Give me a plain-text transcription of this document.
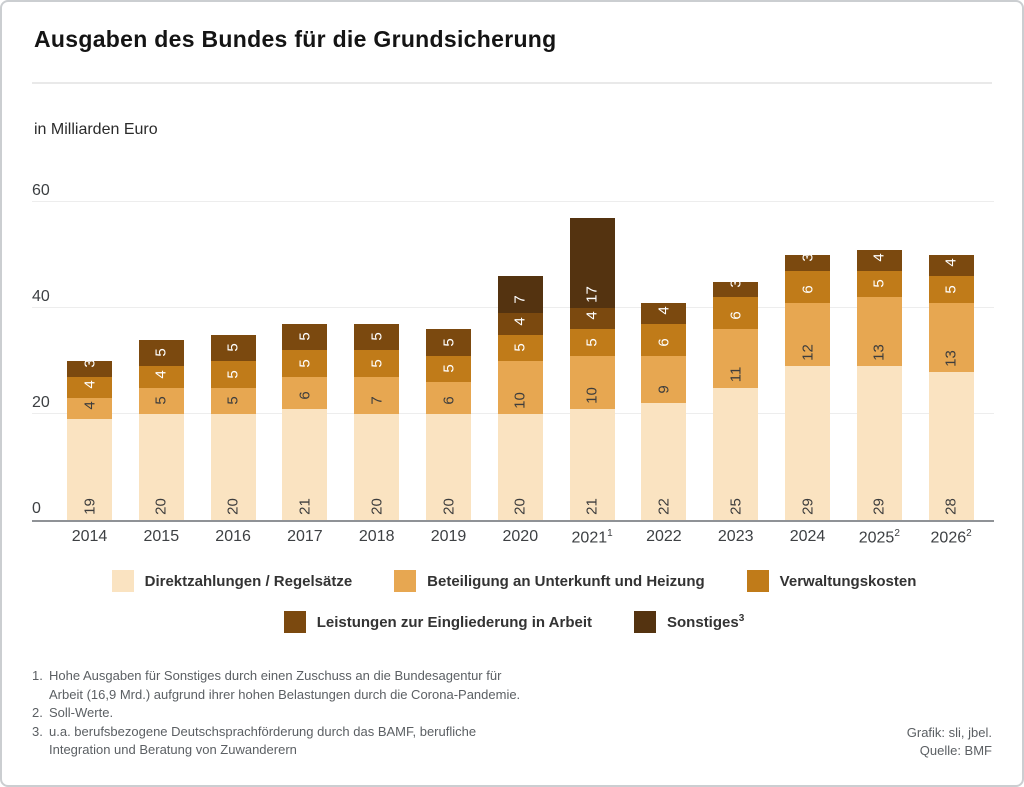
Ausgaben des Bundes für die Grundsicherung
in Milliarden Euro
0
20
40
60
19
4
4
3
2014
20
5
4
5
2015
20
5
5
5
2016
21
6
5
5
2017
20
7
5
5
2018
20
6
5
5
2019
20
10
5
4
7
2020
21
10
5
4
17
2021$^1$
22
9
6
4
2022
25
11
6
3
2023
29
12
6
3
2024
29
13
5
4
2025$^2$
28
13
5
4
2026$^2$
Direktzahlungen / Regelsätze	Beteiligung an Unterkunft und Heizung	Verwaltungskosten
Leistungen zur Eingliederung in Arbeit	Sonstiges$^3$
1. Hohe Ausgaben für Sonstiges durch einen Zuschuss an die Bundesagentur für
Arbeit (16,9 Mrd.) aufgrund ihrer hohen Belastungen durch die Corona-Pandemie.
2. Soll-Werte.
3. u.a. berufsbezogene Deutschsprachförderung durch das BAMF, berufliche
Integration und Beratung von Zuwanderern
Grafik: sli, jbel.
Quelle: BMF
